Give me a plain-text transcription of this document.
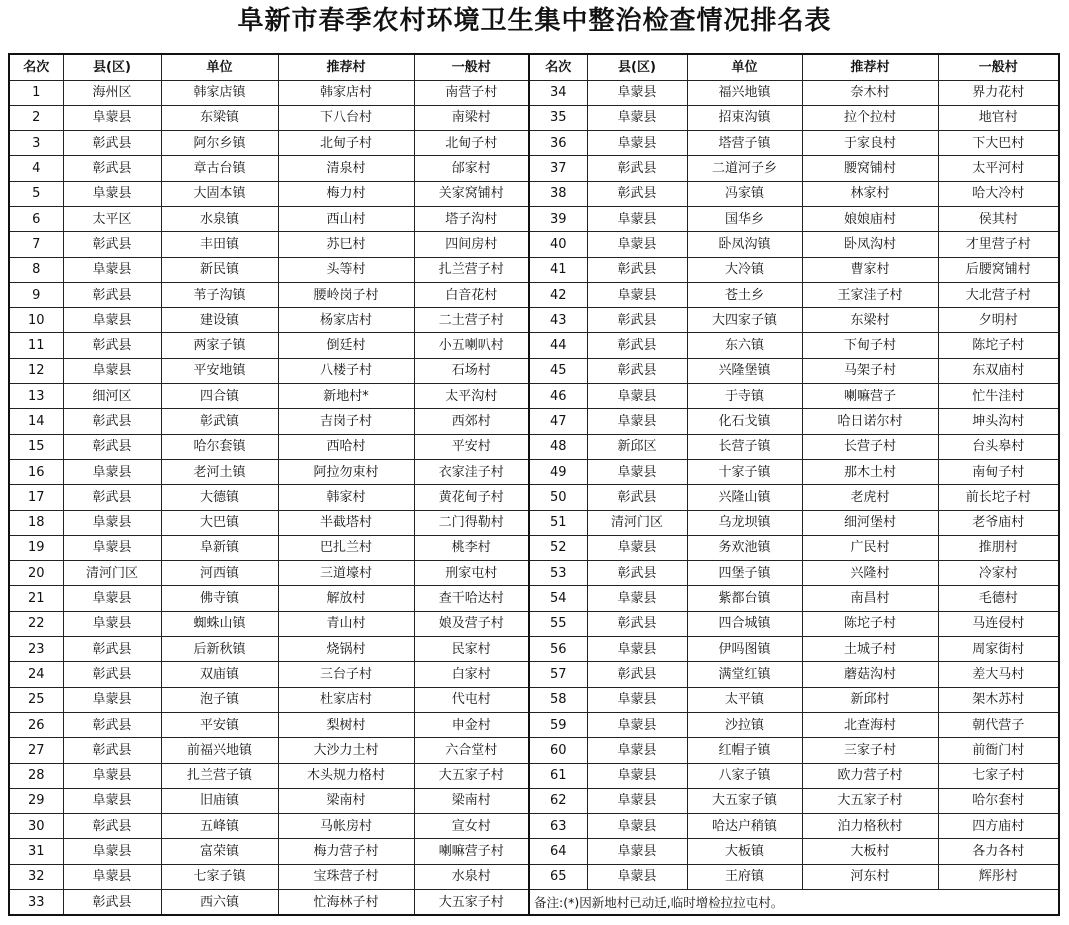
阜新市春季农村环境卫生集中整治检查情况排名表
名次	县(区)	单位	推荐村	一般村	名次	县(区)	单位	推荐村	一般村
1	海州区	韩家店镇	韩家店村	南营子村	34	阜蒙县	福兴地镇	奈木村	界力花村
2	阜蒙县	东梁镇	下八台村	南梁村	35	阜蒙县	招束沟镇	拉个拉村	地官村
3	彰武县	阿尔乡镇	北甸子村	北甸子村	36	阜蒙县	塔营子镇	于家良村	下大巴村
4	彰武县	章古台镇	清泉村	邰家村	37	彰武县	二道河子乡	腰窝铺村	太平河村
5	阜蒙县	大固本镇	梅力村	关家窝铺村	38	彰武县	冯家镇	林家村	哈大冷村
6	太平区	水泉镇	西山村	塔子沟村	39	阜蒙县	国华乡	娘娘庙村	侯其村
7	彰武县	丰田镇	苏巳村	四间房村	40	阜蒙县	卧凤沟镇	卧凤沟村	才里营子村
8	阜蒙县	新民镇	头等村	扎兰营子村	41	彰武县	大冷镇	曹家村	后腰窝铺村
9	彰武县	苇子沟镇	腰岭岗子村	白音花村	42	阜蒙县	苍土乡	王家洼子村	大北营子村
10	阜蒙县	建设镇	杨家店村	二土营子村	43	彰武县	大四家子镇	东梁村	夕明村
11	彰武县	两家子镇	倒廷村	小五喇叭村	44	彰武县	东六镇	下甸子村	陈坨子村
12	阜蒙县	平安地镇	八楼子村	石场村	45	彰武县	兴隆堡镇	马架子村	东双庙村
13	细河区	四合镇	新地村*	太平沟村	46	阜蒙县	于寺镇	喇嘛营子	忙牛洼村
14	彰武县	彰武镇	吉岗子村	西郊村	47	阜蒙县	化石戈镇	哈日诺尔村	坤头沟村
15	彰武县	哈尔套镇	西哈村	平安村	48	新邱区	长营子镇	长营子村	台头皋村
16	阜蒙县	老河土镇	阿拉勿束村	衣家洼子村	49	阜蒙县	十家子镇	那木土村	南甸子村
17	彰武县	大德镇	韩家村	黄花甸子村	50	彰武县	兴隆山镇	老虎村	前长坨子村
18	阜蒙县	大巴镇	半截塔村	二门得勒村	51	清河门区	乌龙坝镇	细河堡村	老爷庙村
19	阜蒙县	阜新镇	巴扎兰村	桃李村	52	阜蒙县	务欢池镇	广民村	推朋村
20	清河门区	河西镇	三道壕村	刑家屯村	53	彰武县	四堡子镇	兴隆村	冷家村
21	阜蒙县	佛寺镇	解放村	查干哈达村	54	阜蒙县	紫都台镇	南昌村	毛德村
22	阜蒙县	蜘蛛山镇	青山村	娘及营子村	55	彰武县	四合城镇	陈坨子村	马连侵村
23	彰武县	后新秋镇	烧锅村	民家村	56	阜蒙县	伊吗图镇	土城子村	周家街村
24	彰武县	双庙镇	三台子村	白家村	57	彰武县	满堂红镇	蘑菇沟村	差大马村
25	阜蒙县	泡子镇	杜家店村	代屯村	58	阜蒙县	太平镇	新邱村	架木苏村
26	彰武县	平安镇	梨树村	申金村	59	阜蒙县	沙拉镇	北查海村	朝代营子
27	彰武县	前福兴地镇	大沙力土村	六合堂村	60	阜蒙县	红帽子镇	三家子村	前衙门村
28	阜蒙县	扎兰营子镇	木头规力格村	大五家子村	61	阜蒙县	八家子镇	欧力营子村	七家子村
29	阜蒙县	旧庙镇	梁南村	梁南村	62	阜蒙县	大五家子镇	大五家子村	哈尔套村
30	彰武县	五峰镇	马帐房村	宣女村	63	阜蒙县	哈达户稍镇	泊力格秋村	四方庙村
31	阜蒙县	富荣镇	梅力营子村	喇嘛营子村	64	阜蒙县	大板镇	大板村	各力各村
32	阜蒙县	七家子镇	宝珠营子村	水泉村	65	阜蒙县	王府镇	河东村	辉彤村
33	彰武县	西六镇	忙海林子村	大五家子村	备注:(*)因新地村已动迁,临时增检拉拉屯村。				
